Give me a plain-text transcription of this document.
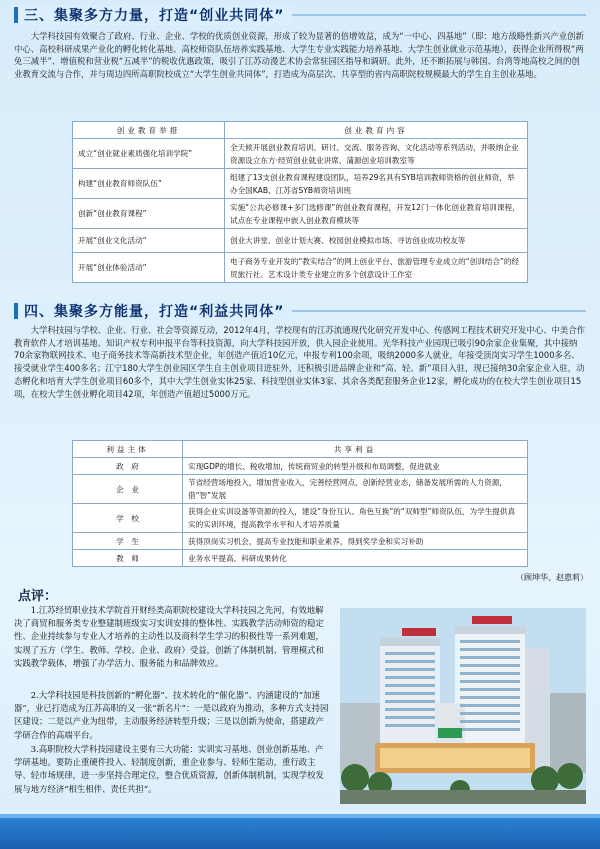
三、集聚多方力量，打造“创业共同体”

大学科技园有效聚合了政府、行业、企业、学校的优质创业资源，形成了较为显著的倍增效益，成为“一中心、四基地”（即：地方战略性新兴产业创新中心、高校科研成果产业化的孵化转化基地、高校师资队伍培养实践基地、大学生专业实践能力培养基地、大学生创业就业示范基地），获得企业所得税“两免三减半”、增值税和营业税“五减半”的税收优惠政策，吸引了江苏动漫艺术协会常驻园区指导和调研。此外，还不断拓展与韩国、台湾等地高校之间的创业教育交流与合作，并与周边四所高职院校成立“大学生创业共同体”，打造成为高层次、共享型的省内高职院校规模最大的学生自主创业基地。

创业教育举措	创业教育内容
成立“创业就业素质强化培训学院”	全天候开展创业教育培训、研讨、交流、服务咨询、文化活动等系列活动，并吸纳企业资源设立东方·经贸创业就业讲席、蒲源创业培训教室等
构建“创业教育师资队伍”	组建了13支创业教育课程建设团队，培养29名具有SYB培训教师资格的创业师资，举办全国KAB、江苏省SYB师资培训班
创新“创业教育课程”	实施“公共必修课+多门选修课”的创业教育课程，开发12门一体化创业教育培训课程，试点在专业课程中嵌入创业教育模块等
开展“创业文化活动”	创业大讲堂、创业计划大赛、校园创业模拟市场、寻访创业成功校友等
开展“创业体验活动”	电子商务专业开发的“教实结合”的网上创业平台、旅游管理专业成立的“创训结合”的经贸旅行社、艺术设计类专业建立的多个创意设计工作室
四、集聚多方能量，打造“利益共同体”

大学科技园与学校、企业、行业、社会等资源互动，2012年4月，学校现有的江苏流通现代化研究开发中心、传感网工程技术研究开发中心、中美合作教育软件人才培训基地、知识产权专利申报平台等科技资源，向大学科技园开放，供入园企业使用。光华科技产业园现已吸引90余家企业集聚，其中接纳70余家物联网技术、电子商务技术等高新技术型企业，年创造产值近10亿元，申报专利100余项，吸纳2000多人就业，年接受顶岗实习学生1000多名、接受就业学生400多名；江宁180大学生创业园区学生自主创业项目进驻外，还积极引进品牌企业和“高、轻、新”项目入驻，现已接纳30余家企业入驻，动态孵化和培育大学生创业项目60多个，其中大学生创业实体25家、科技型创业实体3家、其余各类配套服务企业12家，孵化成功的在校大学生创业项目15项，在校大学生创业孵化项目42项，年创造产值超过5000万元。

利益主体	共享利益
政　府	实现GDP的增长、税收增加，传统商贸业的转型升级和布局调整，促进就业
企　业	节省经营场地投入，增加营业收入，完善经营网点，创新经营业态，储备发展所需的人力资源，借“智”发展
学　校	获得企业实训设备等资源的投入，建设“身份互认、角色互换”的“双师型”师资队伍，为学生提供真实的实训环境，提高教学水平和人才培养质量
学　生	获得顶岗实习机会，提高专业技能和职业素养，得到奖学金和实习补助
教　师	业务水平提高、科研成果转化
（顾坤华、赵惠莉）
点评：

1.江苏经贸职业技术学院首开财经类高职院校建设大学科技园之先河，有效地解决了商贸和服务类专业整建制班级实习实训安排的整体性、实践教学活动师资的稳定性、企业持续参与专业人才培养的主动性以及商科学生学习的积极性等一系列难题，实现了五方（学生、教师、学校、企业、政府）受益，创新了体制机制、管理模式和实践教学载体，增强了办学活力、服务能力和品牌效应。

2.大学科技园是科技创新的“孵化器”、技术转化的“催化器”、内涵建设的“加速器”，业已打造成为江苏高职的又一张“新名片”：一是以政府为推动，多种方式支持园区建设；二是以产业为纽带，主动服务经济转型升级；三是以创新为使命，搭建政产学研合作的高端平台。

3.高职院校大学科技园建设主要有三大功能：实训实习基地、创业创新基地、产学研基地。要防止重硬件投入、轻制度创新，重企业参与、轻师生能动，重行政主导、轻市场规律，进一步坚持合理定位，整合优质资源，创新体制机制，实现学校发展与地方经济“相生相伴、责任共担”。
